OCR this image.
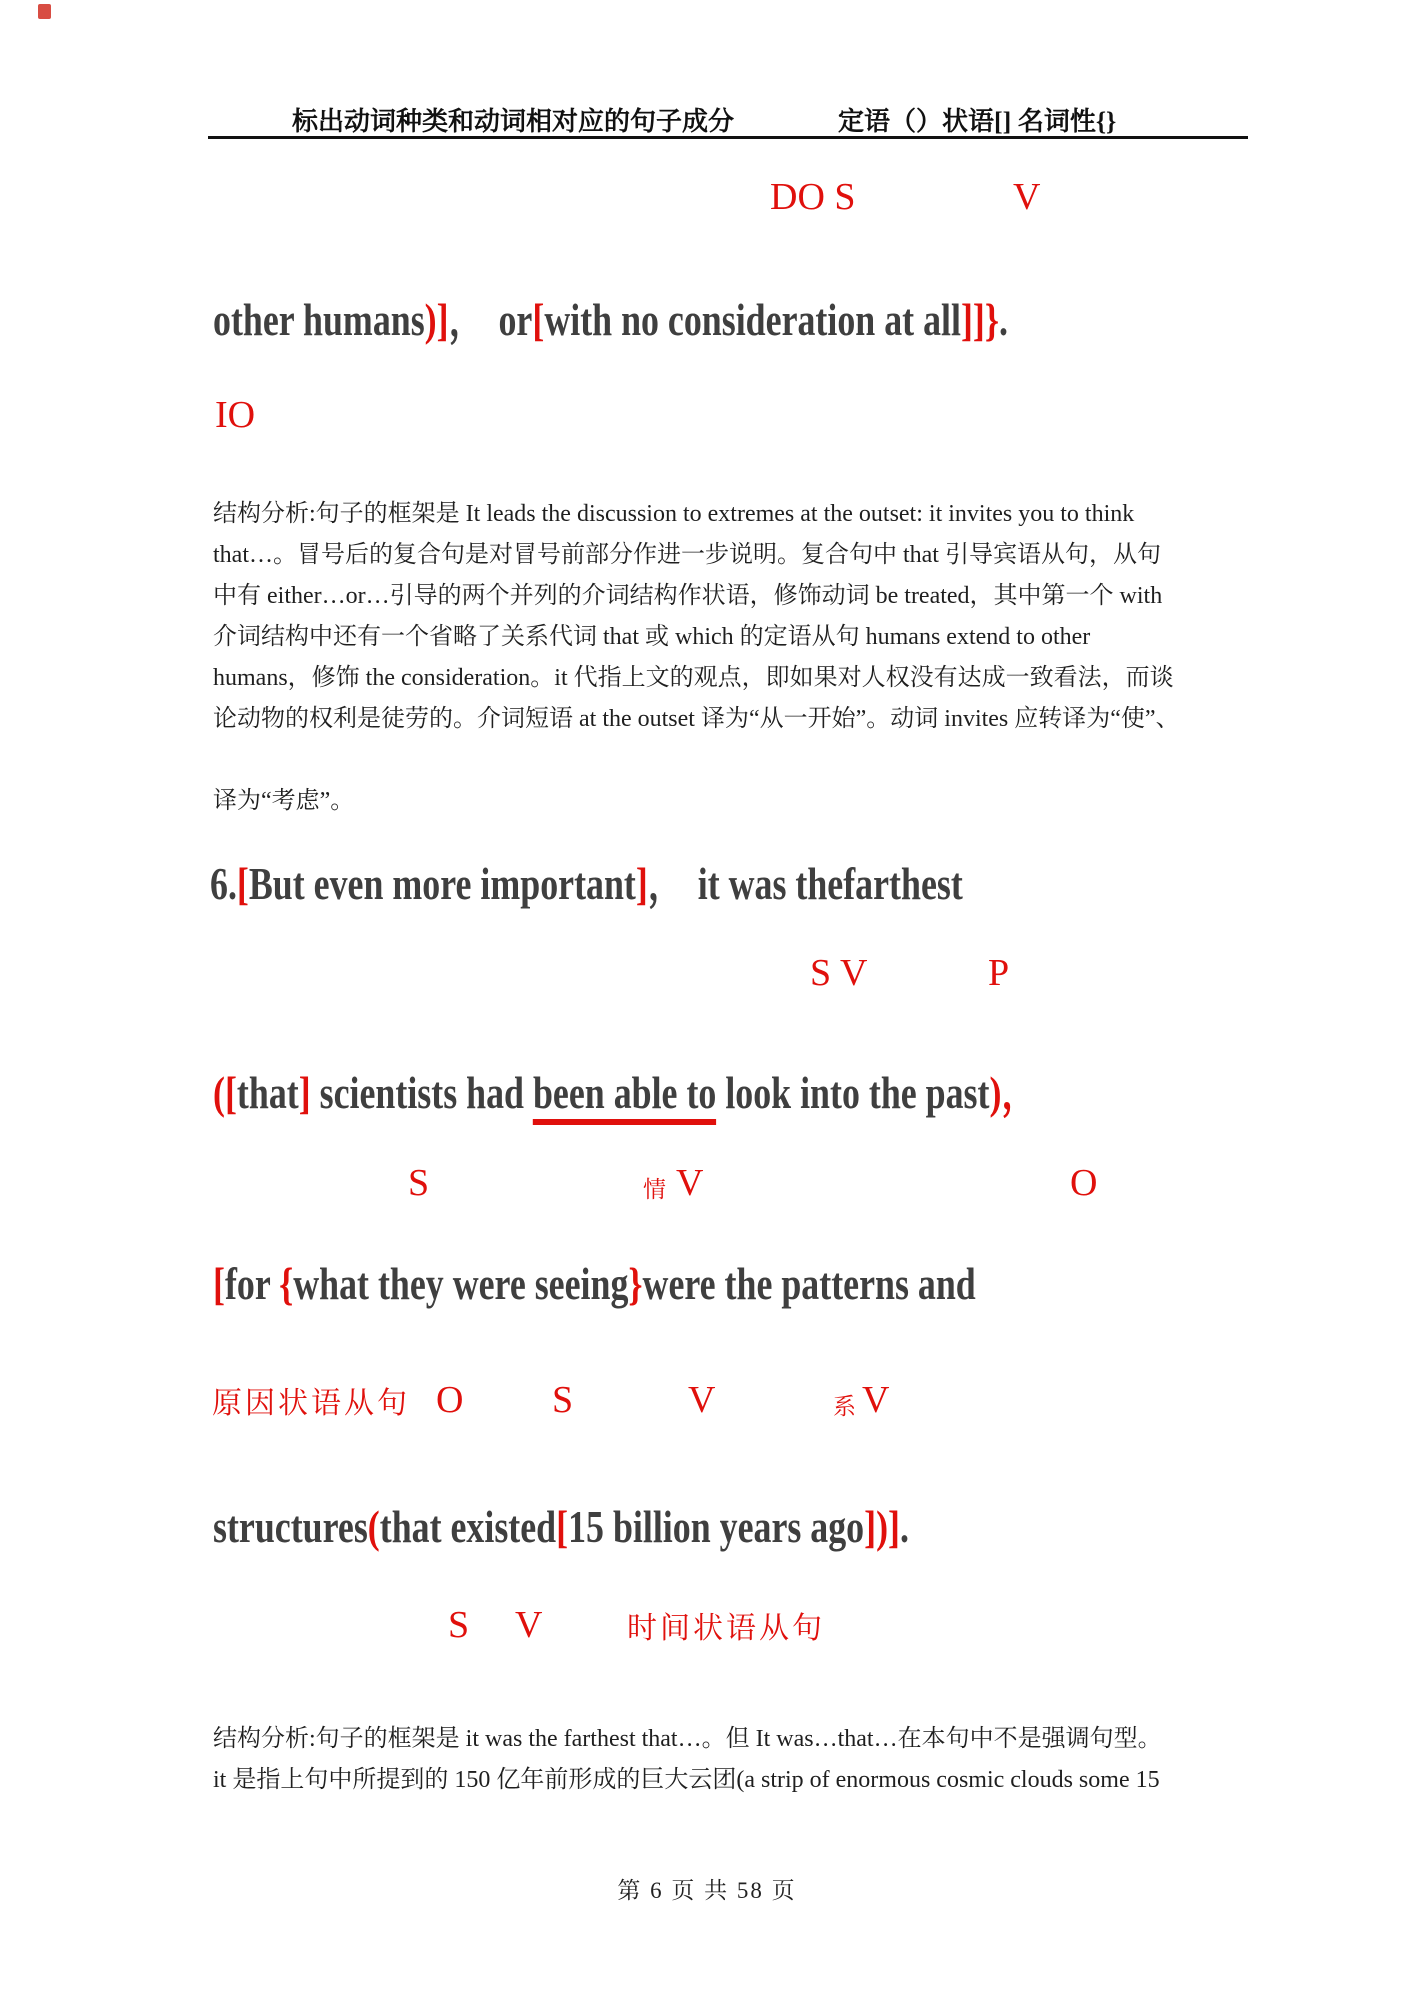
标出动词种类和动词相对应的句子成分	定语（）状语[] 名词性{}
DO S	V
other humans)]， or[with no consideration at all]]}.
IO
结构分析:句子的框架是 It leads the discussion to extremes at the outset: it invites you to think
that…。冒号后的复合句是对冒号前部分作进一步说明。复合句中 that 引导宾语从句，从句
中有 either…or…引导的两个并列的介词结构作状语，修饰动词 be treated，其中第一个 with
介词结构中还有一个省略了关系代词 that 或 which 的定语从句 humans extend to other
humans，修饰 the consideration。it 代指上文的观点，即如果对人权没有达成一致看法，而谈
论动物的权利是徒劳的。介词短语 at the outset 译为“从一开始”。动词 invites 应转译为“使”、
译为“考虑”。
6.[But even more important]， it was thefarthest
S V	P
([that] scientists had been able to look into the past)，
S	情 V	O
[for {what they were seeing}were the patterns and
原因状语从句 O S	V	系 V
structures(that existed[15 billion years ago])].
S V	时间状语从句
结构分析:句子的框架是 it was the farthest that…。但 It was…that…在本句中不是强调句型。
it 是指上句中所提到的 150 亿年前形成的巨大云团(a strip of enormous cosmic clouds some 15
第 6 页 共 58 页
